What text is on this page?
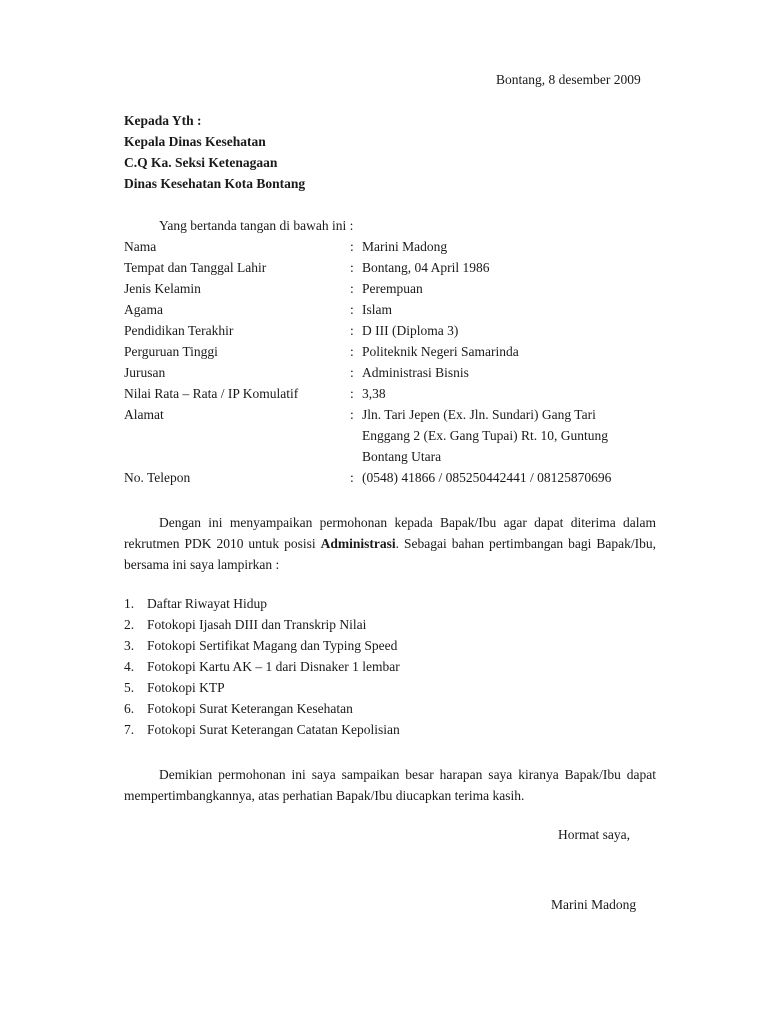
Bontang, 8 desember 2009
Kepada Yth :
Kepala Dinas Kesehatan
C.Q Ka. Seksi Ketenagaan
Dinas Kesehatan Kota Bontang
Yang bertanda tangan di bawah ini :
Nama	: Marini Madong
Tempat dan Tanggal Lahir	: Bontang, 04 April 1986
Jenis Kelamin	: Perempuan
Agama	: Islam
Pendidikan Terakhir	: D III (Diploma 3)
Perguruan Tinggi	: Politeknik Negeri Samarinda
Jurusan	: Administrasi Bisnis
Nilai Rata – Rata / IP Komulatif	: 3,38
Alamat	: Jln. Tari Jepen (Ex. Jln. Sundari) Gang Tari
Enggang 2 (Ex. Gang Tupai) Rt. 10, Guntung
Bontang Utara
No. Telepon	: (0548) 41866 / 085250442441 / 08125870696
Dengan ini menyampaikan permohonan kepada Bapak/Ibu agar dapat diterima dalam rekrutmen PDK 2010 untuk posisi Administrasi. Sebagai bahan pertimbangan bagi Bapak/Ibu, bersama ini saya lampirkan :
1. Daftar Riwayat Hidup
2. Fotokopi Ijasah DIII dan Transkrip Nilai
3. Fotokopi Sertifikat Magang dan Typing Speed
4. Fotokopi Kartu AK – 1 dari Disnaker 1 lembar
5. Fotokopi KTP
6. Fotokopi Surat Keterangan Kesehatan
7. Fotokopi Surat Keterangan Catatan Kepolisian
Demikian permohonan ini saya sampaikan besar harapan saya kiranya Bapak/Ibu dapat mempertimbangkannya, atas perhatian Bapak/Ibu diucapkan terima kasih.
Hormat saya,
Marini Madong
